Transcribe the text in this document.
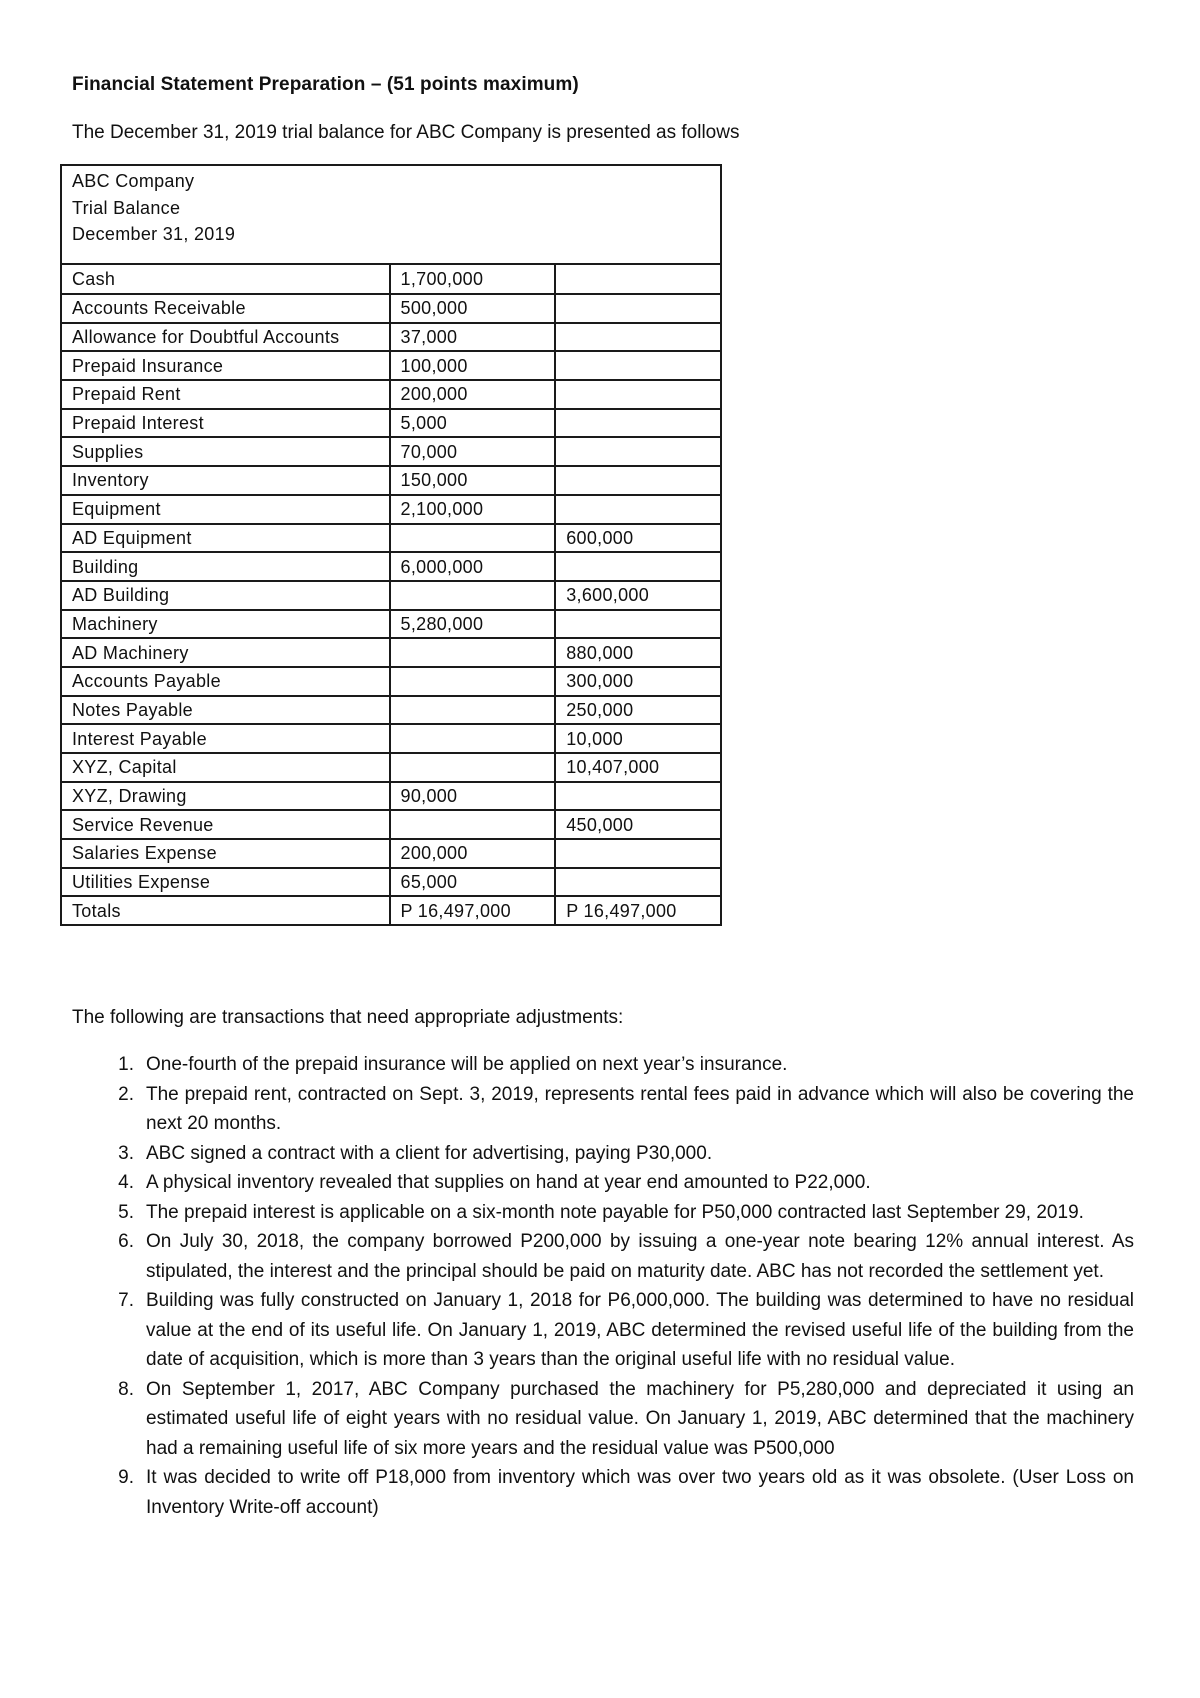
Financial Statement Preparation – (51 points maximum)
The December 31, 2019 trial balance for ABC Company is presented as follows
ABC Company
Trial Balance
December 31, 2019		

Cash	1,700,000	
Accounts Receivable	500,000	
Allowance for Doubtful Accounts	37,000	
Prepaid Insurance	100,000	
Prepaid Rent	200,000	
Prepaid Interest	5,000	
Supplies	70,000	
Inventory	150,000	
Equipment	2,100,000	
AD Equipment		600,000
Building	6,000,000	
AD Building		3,600,000
Machinery	5,280,000	
AD Machinery		880,000
Accounts Payable		300,000
Notes Payable		250,000
Interest Payable		10,000
XYZ, Capital		10,407,000
XYZ, Drawing	90,000	
Service Revenue		450,000
Salaries Expense	200,000	
Utilities Expense	65,000	
Totals	P 16,497,000	P 16,497,000
The following are transactions that need appropriate adjustments:
1. One-fourth of the prepaid insurance will be applied on next year’s insurance.
2. The prepaid rent, contracted on Sept. 3, 2019, represents rental fees paid in advance which will also be covering the next 20 months.
3. ABC signed a contract with a client for advertising, paying P30,000.
4. A physical inventory revealed that supplies on hand at year end amounted to P22,000.
5. The prepaid interest is applicable on a six-month note payable for P50,000 contracted last September 29, 2019.
6. On July 30, 2018, the company borrowed P200,000 by issuing a one-year note bearing 12% annual interest. As stipulated, the interest and the principal should be paid on maturity date. ABC has not recorded the settlement yet.
7. Building was fully constructed on January 1, 2018 for P6,000,000. The building was determined to have no residual value at the end of its useful life. On January 1, 2019, ABC determined the revised useful life of the building from the date of acquisition, which is more than 3 years than the original useful life with no residual value.
8. On September 1, 2017, ABC Company purchased the machinery for P5,280,000 and depreciated it using an estimated useful life of eight years with no residual value. On January 1, 2019, ABC determined that the machinery had a remaining useful life of six more years and the residual value was P500,000
9. It was decided to write off P18,000 from inventory which was over two years old as it was obsolete. (User Loss on Inventory Write-off account)
